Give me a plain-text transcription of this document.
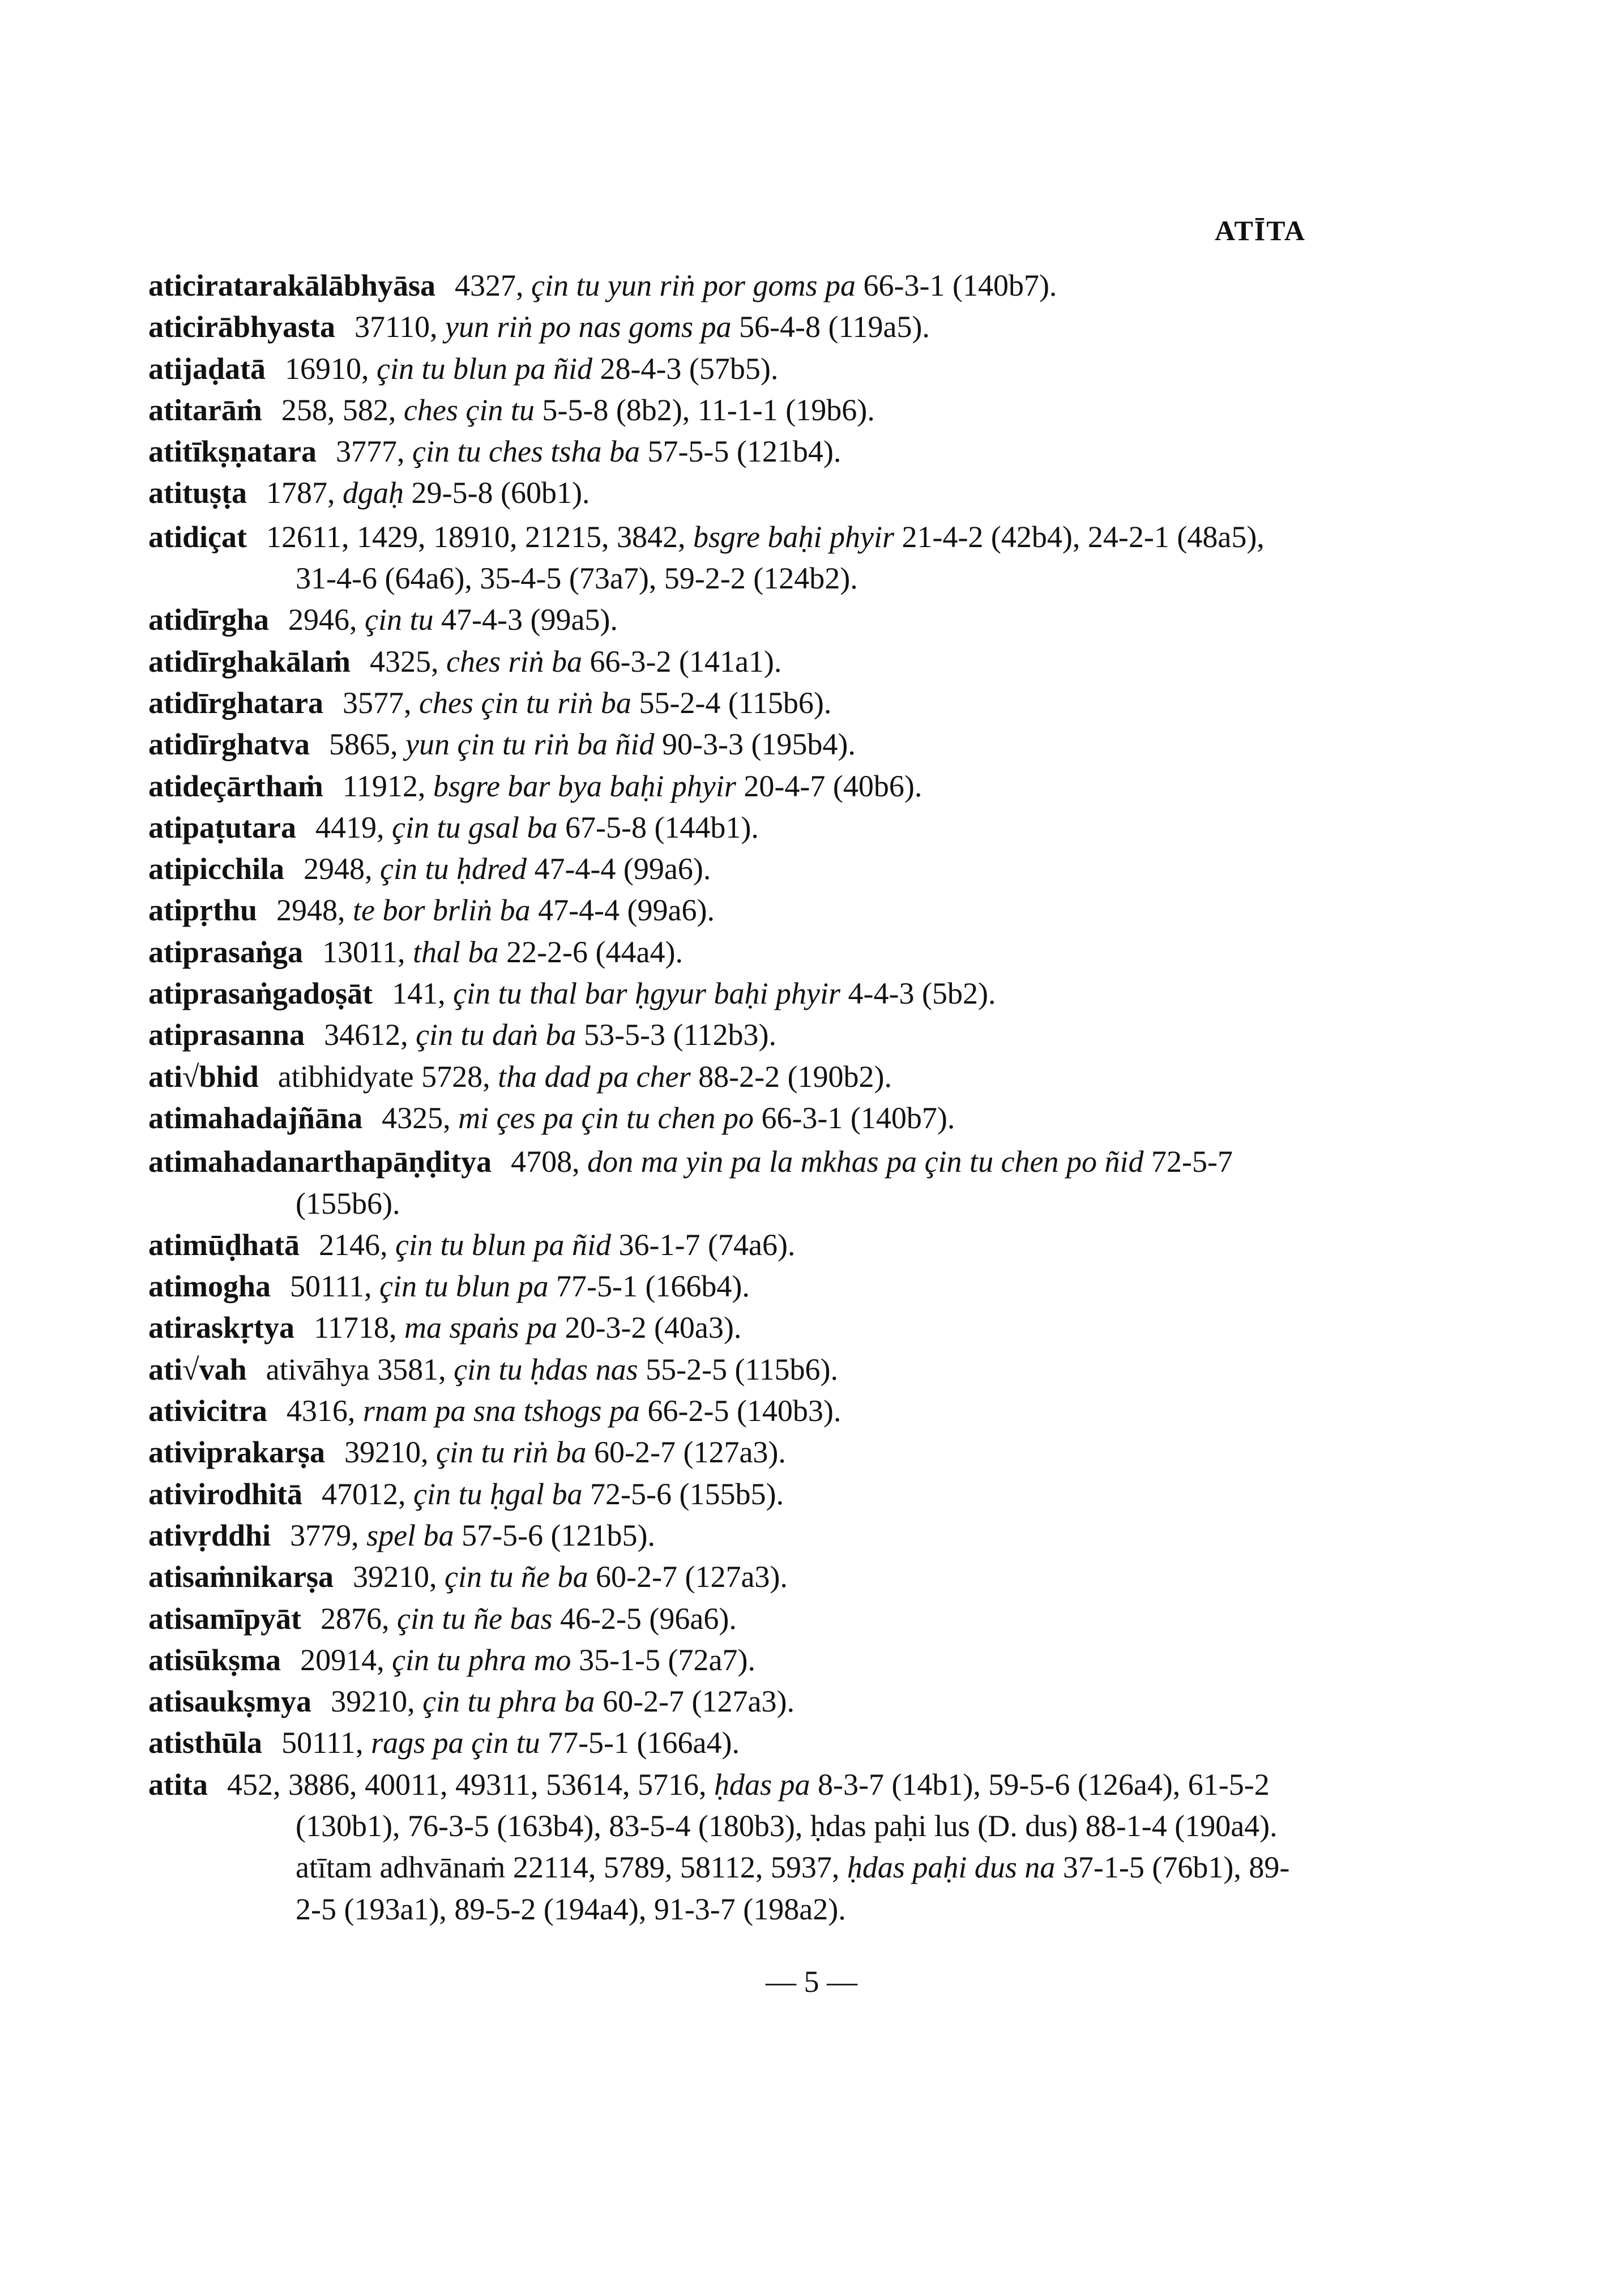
ATĪTA
aticiratarakālābhyāsa 4327, çin tu yun riṅ por goms pa 66-3-1 (140b7).
aticirābhyasta 37110, yun riṅ po nas goms pa 56-4-8 (119a5).
atijaḍatā 16910, çin tu blun pa ñid 28-4-3 (57b5).
atitarāṁ 258, 582, ches çin tu 5-5-8 (8b2), 11-1-1 (19b6).
atitīkṣṇatara 3777, çin tu ches tsha ba 57-5-5 (121b4).
atituṣṭa 1787, dgaḥ 29-5-8 (60b1).
atidiçat 12611, 1429, 18910, 21215, 3842, bsgre baḥi phyir 21-4-2 (42b4), 24-2-1 (48a5), 31-4-6 (64a6), 35-4-5 (73a7), 59-2-2 (124b2).
atidīrgha 2946, çin tu 47-4-3 (99a5).
atidīrghakālaṁ 4325, ches riṅ ba 66-3-2 (141a1).
atidīrghatara 3577, ches çin tu riṅ ba 55-2-4 (115b6).
atidīrghatva 5865, yun çin tu riṅ ba ñid 90-3-3 (195b4).
atideçārthaṁ 11912, bsgre bar bya baḥi phyir 20-4-7 (40b6).
atipaṭutara 4419, çin tu gsal ba 67-5-8 (144b1).
atipicchila 2948, çin tu ḥdred 47-4-4 (99a6).
atipṛthu 2948, te bor brliṅ ba 47-4-4 (99a6).
atiprasaṅga 13011, thal ba 22-2-6 (44a4).
atiprasaṅgadoṣāt 141, çin tu thal bar ḥgyur baḥi phyir 4-4-3 (5b2).
atiprasanna 34612, çin tu daṅ ba 53-5-3 (112b3).
ati√bhid atibhidyate 5728, tha dad pa cher 88-2-2 (190b2).
atimahadajñāna 4325, mi çes pa çin tu chen po 66-3-1 (140b7).
atimahadanarthapāṇḍitya 4708, don ma yin pa la mkhas pa çin tu chen po ñid 72-5-7 (155b6).
atimūḍhatā 2146, çin tu blun pa ñid 36-1-7 (74a6).
atimogha 50111, çin tu blun pa 77-5-1 (166b4).
atiraskṛtya 11718, ma spaṅs pa 20-3-2 (40a3).
ati√vah ativāhya 3581, çin tu ḥdas nas 55-2-5 (115b6).
ativicitra 4316, rnam pa sna tshogs pa 66-2-5 (140b3).
ativiprakarṣa 39210, çin tu riṅ ba 60-2-7 (127a3).
ativirodhitā 47012, çin tu ḥgal ba 72-5-6 (155b5).
ativṛddhi 3779, spel ba 57-5-6 (121b5).
atisaṁnikarṣa 39210, çin tu ñe ba 60-2-7 (127a3).
atisamīpyāt 2876, çin tu ñe bas 46-2-5 (96a6).
atisūkṣma 20914, çin tu phra mo 35-1-5 (72a7).
atisaukṣmya 39210, çin tu phra ba 60-2-7 (127a3).
atisthūla 50111, rags pa çin tu 77-5-1 (166a4).
atita 452, 3886, 40011, 49311, 53614, 5716, ḥdas pa 8-3-7 (14b1), 59-5-6 (126a4), 61-5-2 (130b1), 76-3-5 (163b4), 83-5-4 (180b3), ḥdas paḥi lus (D. dus) 88-1-4 (190a4).
atītam adhvānaṁ 22114, 5789, 58112, 5937, ḥdas paḥi dus na 37-1-5 (76b1), 89-2-5 (193a1), 89-5-2 (194a4), 91-3-7 (198a2).
— 5 —
